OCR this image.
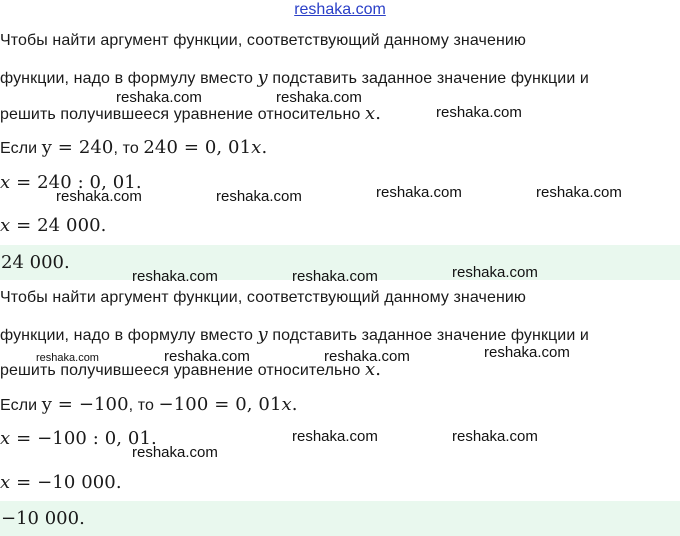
reshaka.com
Чтобы найти аргумент функции, соответствующий данному значению
функции, надо в формулу вместо y подставить заданное значение функции и
решить получившееся уравнение относительно x.
Если y = 240, то 240 = 0, 01x.
x = 240 : 0, 01.
x = 24 000.
24 000.
Чтобы найти аргумент функции, соответствующий данному значению
функции, надо в формулу вместо y подставить заданное значение функции и
решить получившееся уравнение относительно x.
Если y = −100, то −100 = 0, 01x.
x = −100 : 0, 01.
x = −10 000.
−10 000.
reshaka.com	reshaka.com
reshaka.com
reshaka.com	reshaka.com	reshaka.com	reshaka.com
reshaka.com	reshaka.com	reshaka.com
reshaka.com	reshaka.com	reshaka.com	reshaka.com
reshaka.com	reshaka.com
reshaka.com
